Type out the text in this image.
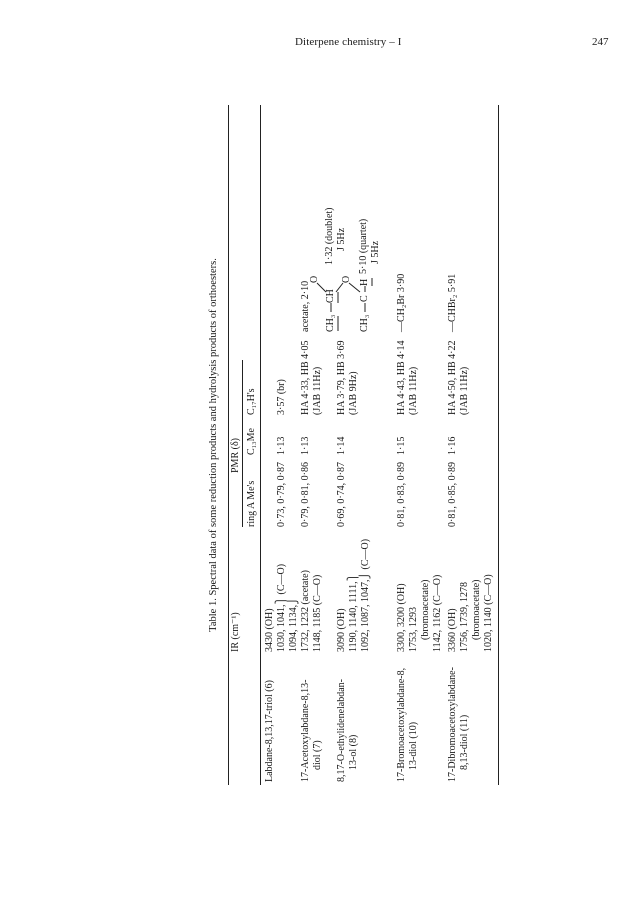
Diterpene chemistry – I	247
Table 1. Spectral data of some reduction products and hydrolysis products of orthoesters.
IR (cm⁻¹)
PMR (δ)
ring A Me's
C₁₃Me
C₁₇H's
Labdane-8,13,17-triol (6)
3430 (OH) 1030, 1041,⎫ (C—O) 1094, 1134,⎭
0·73, 0·79, 0·87
1·13
3·57 (br)
17-Acetoxylabdane-8,13- diol (7)
1732, 1232 (acetate) 1148, 1185 (C—O)
0·79, 0·81, 0·86
1·13
HA 4·33, HB 4·05 (JAB 11Hz)
acetate, 2·10
8,17-O-ethylidenelabdan- 13-ol (8)
3090 (OH) 1190, 1140, 1111,⎫ 1092, 1087, 1047,⎭ (C—O)
0·69, 0·74, 0·87
1·14
HA 3·79, HB 3·69 (JAB 9Hz)
CH₃
CH
O O
CH₃
C
H
1·32 (doublet) J 5Hz 5·10 (quartet) J 5Hz
17-Bromoacetoxylabdane-8, 13-diol (10)
3300, 3200 (OH) 1753, 1293 (bromoacetate) 1142, 1162 (C—O)
0·81, 0·83, 0·89
1·15
HA 4·43, HB 4·14 (JAB 11Hz)
—CH₂Br 3·90
17-Dibromoacetoxylabdane- 8,13-diol (11)
3360 (OH) 1756, 1739, 1278 (bromoacetate) 1020, 1140 (C—O)
0·81, 0·85, 0·89
1·16
HA 4·50, HB 4·22 (JAB 11Hz)
—CHBr₂ 5·91
